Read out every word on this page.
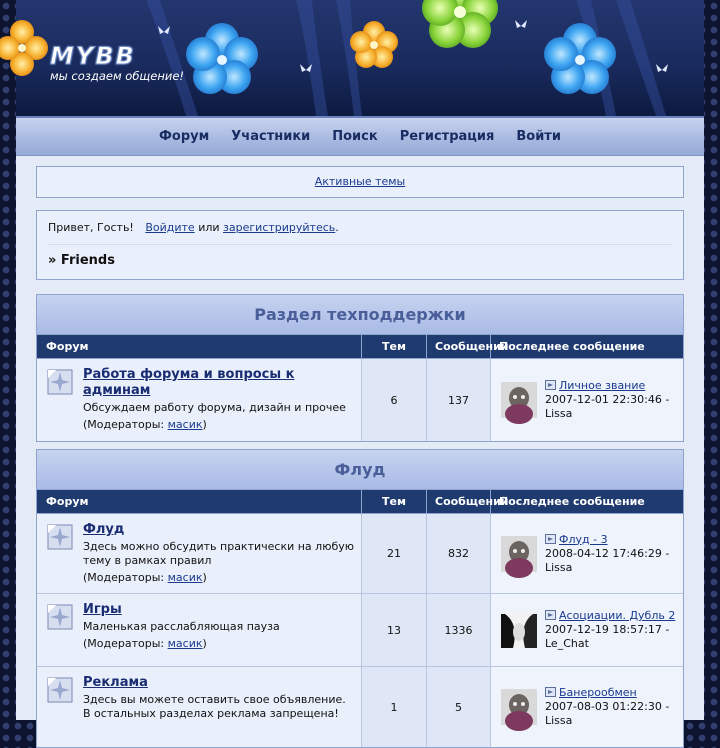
MYBB
мы создаем общение!
Форум Участники Поиск Регистрация Войти
Активные темы
Привет, Гость! Войдите или зарегистрируйтесь.
» Friends
Раздел техподдержки
Форум	Тем	Сообщений
Последнее сообщение
Работа форума и вопросы к админам
Обсуждаем работу форума, дизайн и прочее
(Модераторы: масик)
6	137
Личное звание
2007-12-01 22:30:46 -
Lissa
Флуд
Форум	Тем	Сообщений
Последнее сообщение
Флуд
Здесь можно обсудить практически на любую тему в рамках правил
(Модераторы: масик)
21	832
Флуд - 3
2008-04-12 17:46:29 -
Lissa
Игры
Маленькая расслабляющая пауза
(Модераторы: масик)
13	1336
Асоциации. Дубль 2
2007-12-19 18:57:17 -
Le_Chat
Реклама
Здесь вы можете оставить свое объявление. В остальных разделах реклама запрещена!	1	5
Банерообмен
2007-08-03 01:22:30 -
Lissa
